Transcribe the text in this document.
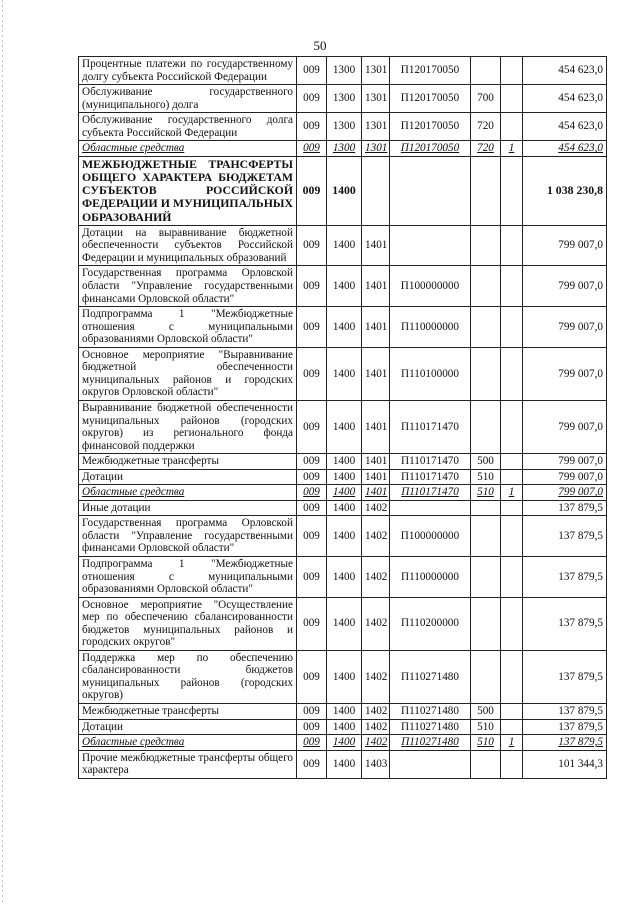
50
Процентные платежи по государственному долгу субъекта Российской Федерации	009	1300	1301	П120170050			454 623,0
Обслуживание государственного (муниципального) долга	009	1300	1301	П120170050	700		454 623,0
Обслуживание государственного долга субъекта Российской Федерации	009	1300	1301	П120170050	720		454 623,0
Областные средства	009	1300	1301	П120170050	720	1	454 623,0
МЕЖБЮДЖЕТНЫЕ ТРАНСФЕРТЫ ОБЩЕГО ХАРАКТЕРА БЮДЖЕТАМ СУБЪЕКТОВ РОССИЙСКОЙ ФЕДЕРАЦИИ И МУНИЦИПАЛЬНЫХ ОБРАЗОВАНИЙ	009	1400					1 038 230,8
Дотации на выравнивание бюджетной обеспеченности субъектов Российской Федерации и муниципальных образований	009	1400	1401				799 007,0
Государственная программа Орловской области "Управление государственными финансами Орловской области"	009	1400	1401	П100000000			799 007,0
Подпрограмма 1 "Межбюджетные отношения с муниципальными образованиями Орловской области"	009	1400	1401	П110000000			799 007,0
Основное мероприятие "Выравнивание бюджетной обеспеченности муниципальных районов и городских округов Орловской области"	009	1400	1401	П110100000			799 007,0
Выравнивание бюджетной обеспеченности муниципальных районов (городских округов) из регионального фонда финансовой поддержки	009	1400	1401	П110171470			799 007,0
Межбюджетные трансферты	009	1400	1401	П110171470	500		799 007,0
Дотации	009	1400	1401	П110171470	510		799 007,0
Областные средства	009	1400	1401	П110171470	510	1	799 007,0
Иные дотации	009	1400	1402				137 879,5
Государственная программа Орловской области "Управление государственными финансами Орловской области"	009	1400	1402	П100000000			137 879,5
Подпрограмма 1 "Межбюджетные отношения с муниципальными образованиями Орловской области"	009	1400	1402	П110000000			137 879,5
Основное мероприятие "Осуществление мер по обеспечению сбалансированности бюджетов муниципальных районов и городских округов"	009	1400	1402	П110200000			137 879,5
Поддержка мер по обеспечению сбалансированности бюджетов муниципальных районов (городских округов)	009	1400	1402	П110271480			137 879,5
Межбюджетные трансферты	009	1400	1402	П110271480	500		137 879,5
Дотации	009	1400	1402	П110271480	510		137 879,5
Областные средства	009	1400	1402	П110271480	510	1	137 879,5
Прочие межбюджетные трансферты общего характера	009	1400	1403				101 344,3
